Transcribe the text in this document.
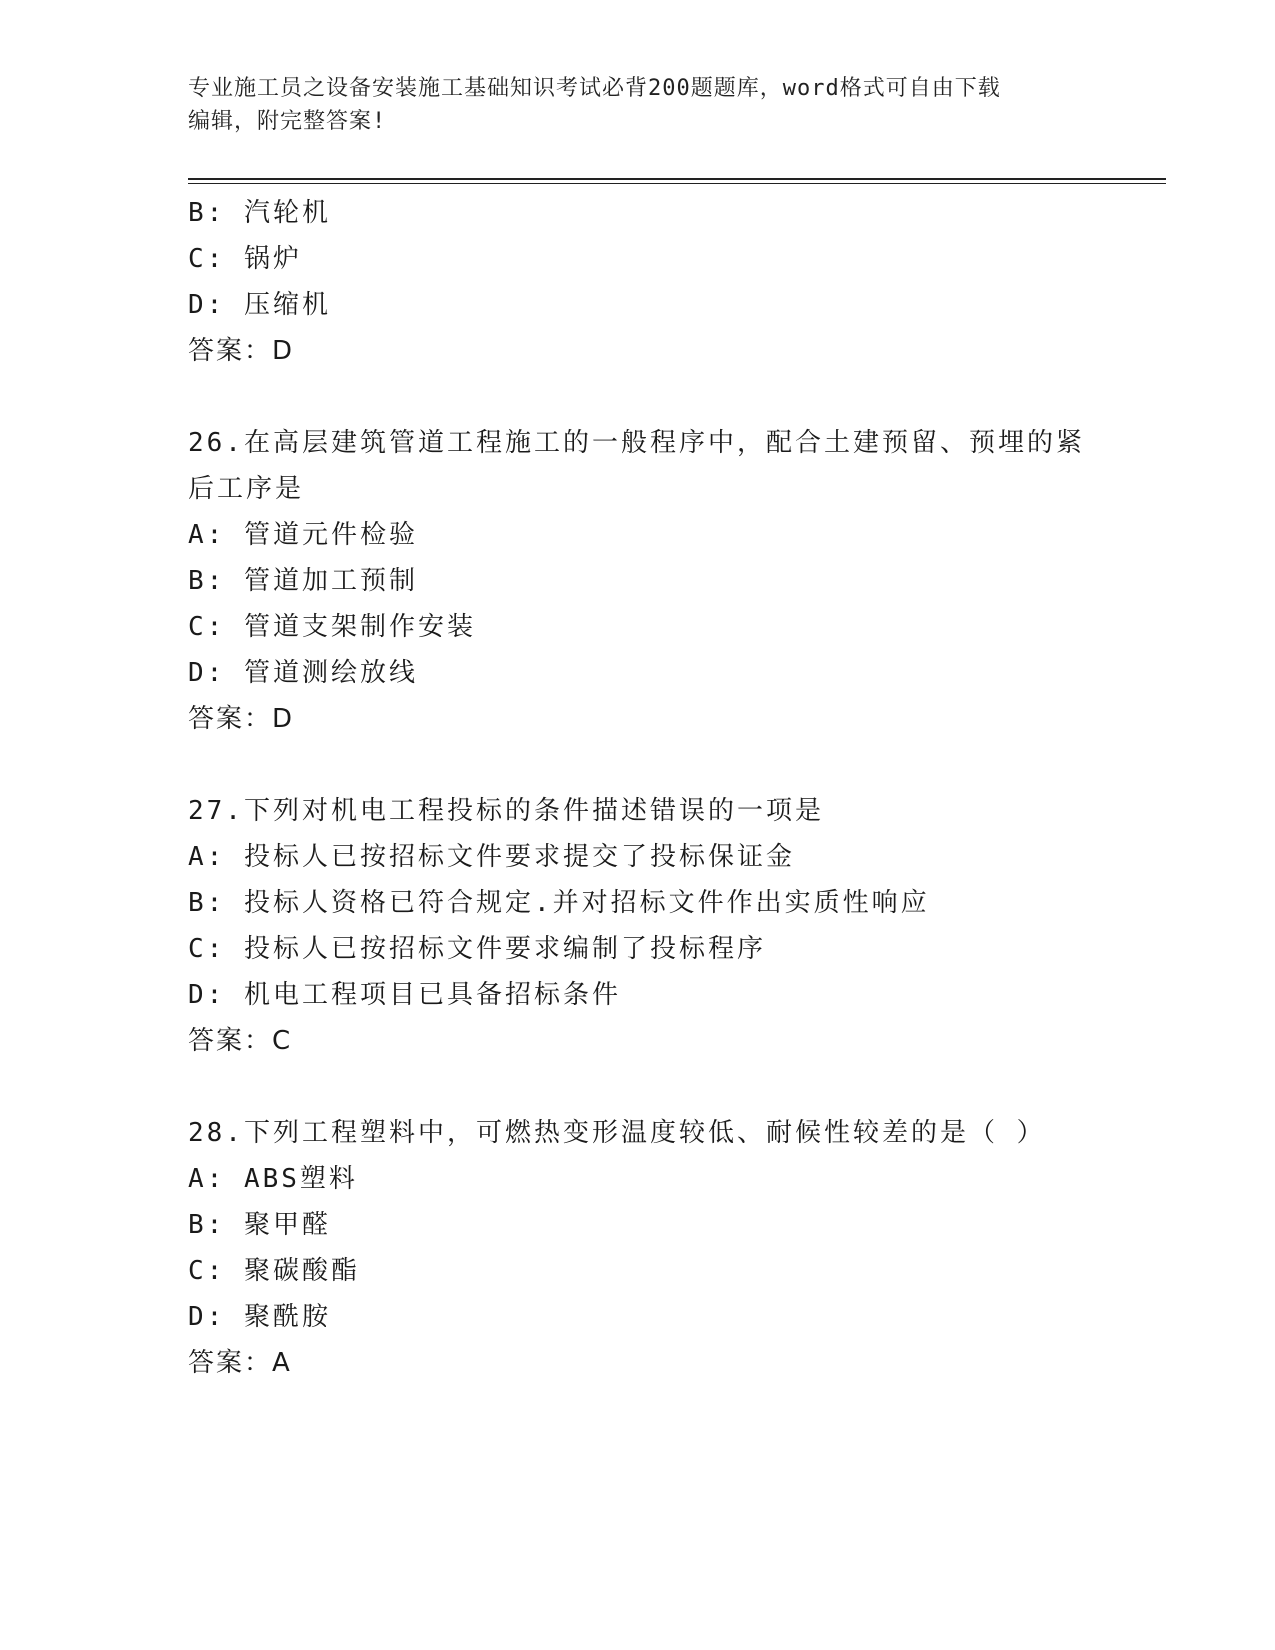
专业施工员之设备安装施工基础知识考试必背200题题库，word格式可自由下载
编辑，附完整答案!
B: 汽轮机
C: 锅炉
D: 压缩机
答案：D
26.在高层建筑管道工程施工的一般程序中，配合土建预留、预埋的紧
后工序是
A: 管道元件检验
B: 管道加工预制
C: 管道支架制作安装
D: 管道测绘放线
答案：D
27.下列对机电工程投标的条件描述错误的一项是
A: 投标人已按招标文件要求提交了投标保证金
B: 投标人资格已符合规定.并对招标文件作出实质性响应
C: 投标人已按招标文件要求编制了投标程序
D: 机电工程项目已具备招标条件
答案：C
28.下列工程塑料中，可燃热变形温度较低、耐候性较差的是（ ）
A: ABS塑料
B: 聚甲醛
C: 聚碳酸酯
D: 聚酰胺
答案：A
